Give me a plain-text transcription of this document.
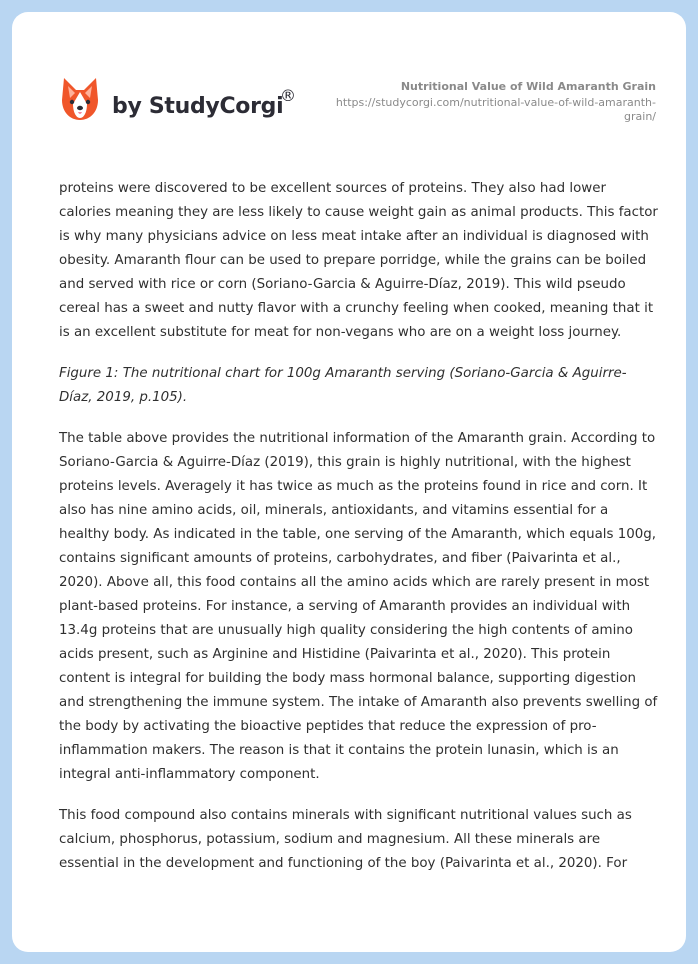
by StudyCorgi
®	Nutritional Value of Wild Amaranth Grain
https://studycorgi.com/nutritional-value-of-wild-amaranth-grain/

proteins were discovered to be excellent sources of proteins. They also had lower calories meaning they are less likely to cause weight gain as animal products. This factor is why many physicians advice on less meat intake after an individual is diagnosed with obesity. Amaranth flour can be used to prepare porridge, while the grains can be boiled and served with rice or corn (Soriano-Garcia & Aguirre-Díaz, 2019). This wild pseudo cereal has a sweet and nutty flavor with a crunchy feeling when cooked, meaning that it is an excellent substitute for meat for non-vegans who are on a weight loss journey.

Figure 1: The nutritional chart for 100g Amaranth serving (Soriano-Garcia & Aguirre-Díaz, 2019, p.105).

The table above provides the nutritional information of the Amaranth grain. According to Soriano-Garcia & Aguirre-Díaz (2019), this grain is highly nutritional, with the highest proteins levels. Averagely it has twice as much as the proteins found in rice and corn. It also has nine amino acids, oil, minerals, antioxidants, and vitamins essential for a healthy body. As indicated in the table, one serving of the Amaranth, which equals 100g, contains significant amounts of proteins, carbohydrates, and fiber (Paivarinta et al., 2020). Above all, this food contains all the amino acids which are rarely present in most plant-based proteins. For instance, a serving of Amaranth provides an individual with 13.4g proteins that are unusually high quality considering the high contents of amino acids present, such as Arginine and Histidine (Paivarinta et al., 2020). This protein content is integral for building the body mass hormonal balance, supporting digestion and strengthening the immune system. The intake of Amaranth also prevents swelling of the body by activating the bioactive peptides that reduce the expression of pro-inflammation makers. The reason is that it contains the protein lunasin, which is an integral anti-inflammatory component.

This food compound also contains minerals with significant nutritional values such as calcium, phosphorus, potassium, sodium and magnesium. All these minerals are essential in the development and functioning of the boy (Paivarinta et al., 2020). For
